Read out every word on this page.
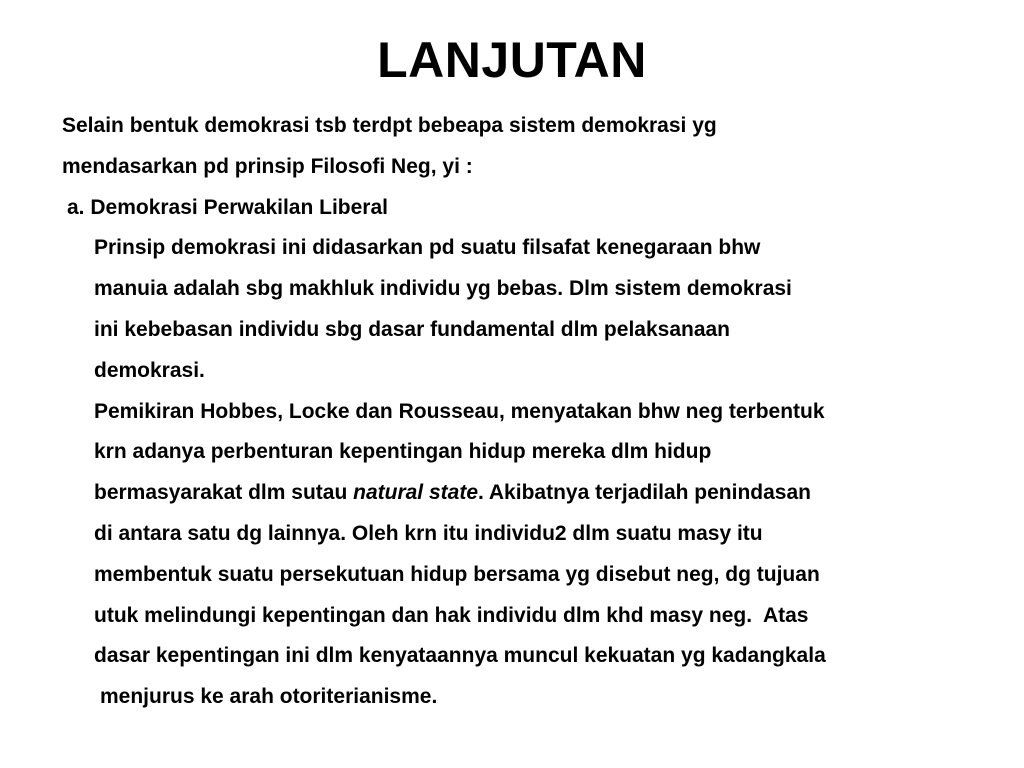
LANJUTAN
Selain bentuk demokrasi tsb terdpt bebeapa sistem demokrasi yg
mendasarkan pd prinsip Filosofi Neg, yi :
a. Demokrasi Perwakilan Liberal
Prinsip demokrasi ini didasarkan pd suatu filsafat kenegaraan bhw
manuia adalah sbg makhluk individu yg bebas. Dlm sistem demokrasi
ini kebebasan individu sbg dasar fundamental dlm pelaksanaan
demokrasi.
Pemikiran Hobbes, Locke dan Rousseau, menyatakan bhw neg terbentuk
krn adanya perbenturan kepentingan hidup mereka dlm hidup
bermasyarakat dlm sutau natural state. Akibatnya terjadilah penindasan
di antara satu dg lainnya. Oleh krn itu individu2 dlm suatu masy itu
membentuk suatu persekutuan hidup bersama yg disebut neg, dg tujuan
utuk melindungi kepentingan dan hak individu dlm khd masy neg.  Atas
dasar kepentingan ini dlm kenyataannya muncul kekuatan yg kadangkala
menjurus ke arah otoriterianisme.
